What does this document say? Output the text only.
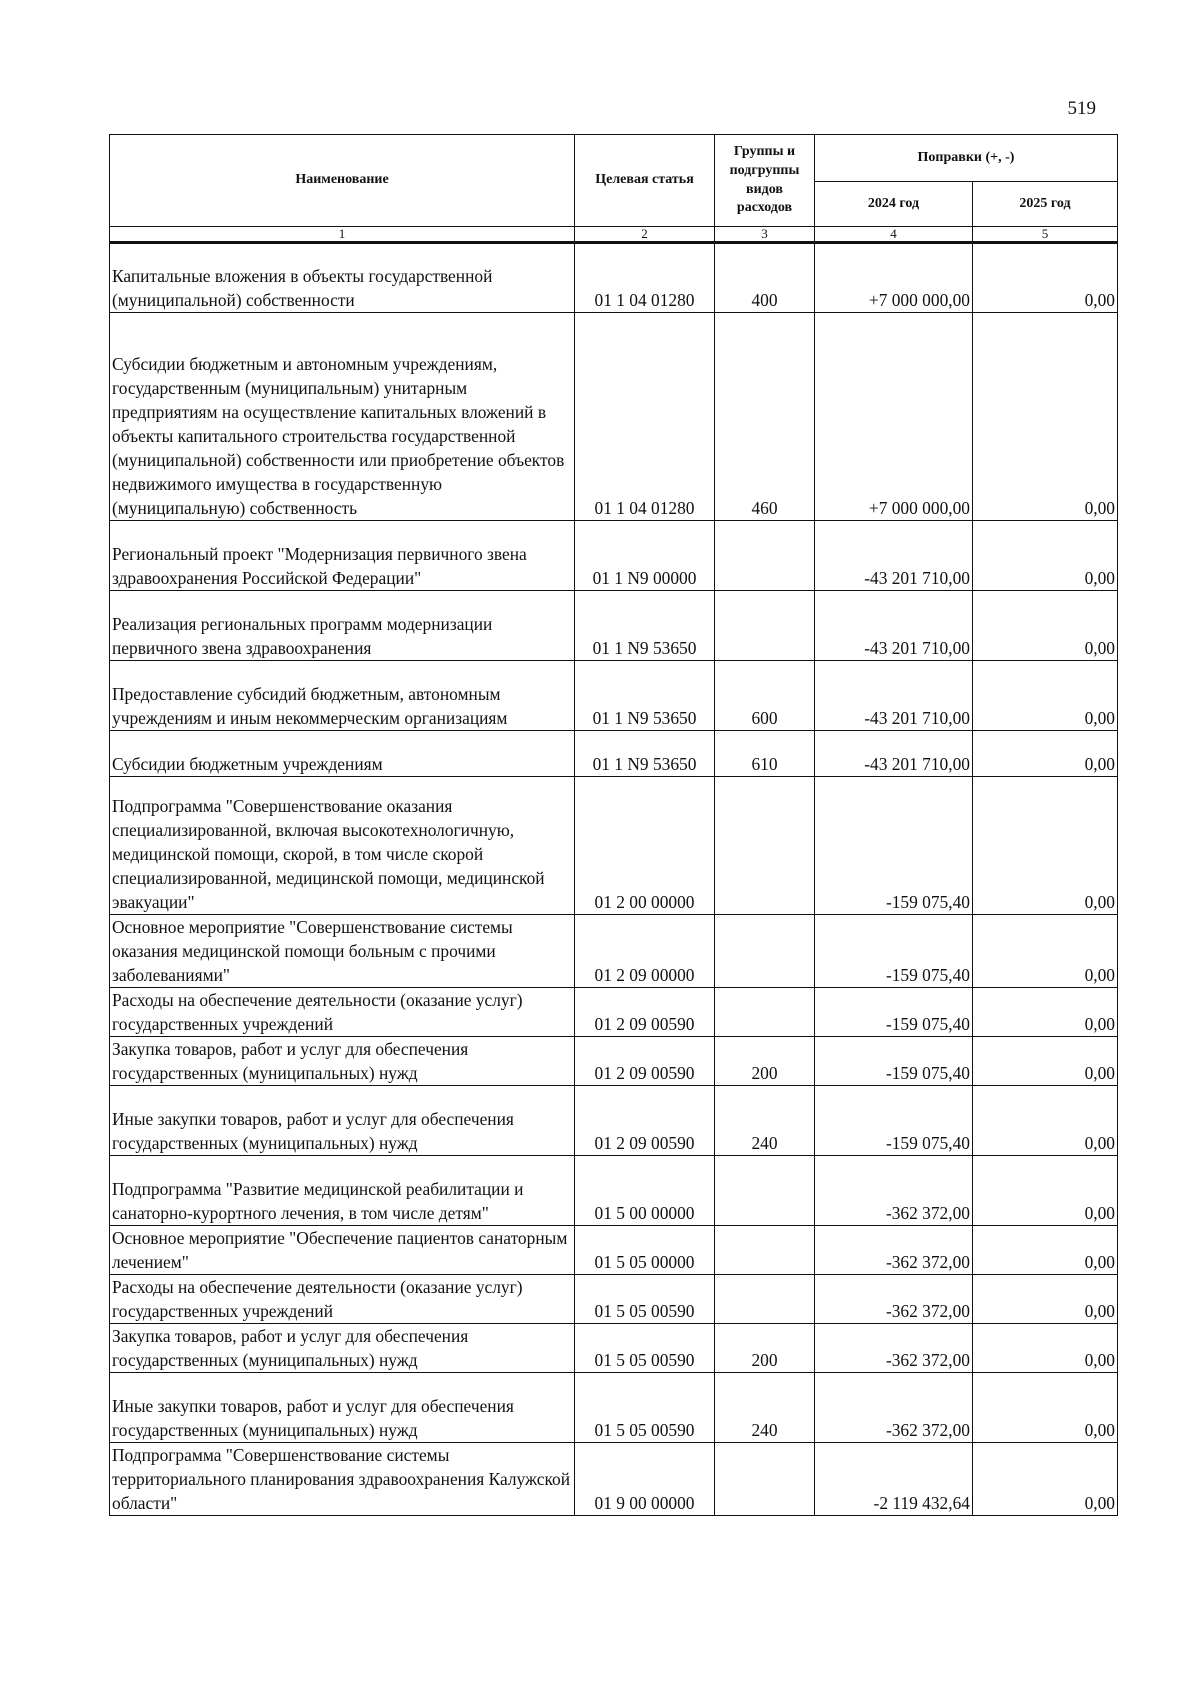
519
Наименование	Целевая статья	Группы и подгруппы видов расходов	Поправки (+, -)	
			2024 год	2025 год
1	2	3	4	5
Капитальные вложения в объекты государственной (муниципальной) собственности	01 1 04 01280	400	+7 000 000,00	0,00
Субсидии бюджетным и автономным учреждениям, государственным (муниципальным) унитарным предприятиям на осуществление капитальных вложений в объекты капитального строительства государственной (муниципальной) собственности или приобретение объектов недвижимого имущества в государственную (муниципальную) собственность	01 1 04 01280	460	+7 000 000,00	0,00
Региональный проект "Модернизация первичного звена здравоохранения Российской Федерации"	01 1 N9 00000		-43 201 710,00	0,00
Реализация региональных программ модернизации первичного звена здравоохранения	01 1 N9 53650		-43 201 710,00	0,00
Предоставление субсидий бюджетным, автономным учреждениям и иным некоммерческим организациям	01 1 N9 53650	600	-43 201 710,00	0,00
Субсидии бюджетным учреждениям	01 1 N9 53650	610	-43 201 710,00	0,00
Подпрограмма "Совершенствование оказания специализированной, включая высокотехнологичную, медицинской помощи, скорой, в том числе скорой специализированной, медицинской помощи, медицинской эвакуации"	01 2 00 00000		-159 075,40	0,00
Основное мероприятие "Совершенствование системы оказания медицинской помощи больным с прочими заболеваниями"	01 2 09 00000		-159 075,40	0,00
Расходы на обеспечение деятельности (оказание услуг) государственных учреждений	01 2 09 00590		-159 075,40	0,00
Закупка товаров, работ и услуг для обеспечения государственных (муниципальных) нужд	01 2 09 00590	200	-159 075,40	0,00
Иные закупки товаров, работ и услуг для обеспечения государственных (муниципальных) нужд	01 2 09 00590	240	-159 075,40	0,00
Подпрограмма "Развитие медицинской реабилитации и санаторно-курортного лечения, в том числе детям"	01 5 00 00000		-362 372,00	0,00
Основное мероприятие "Обеспечение пациентов санаторным лечением"	01 5 05 00000		-362 372,00	0,00
Расходы на обеспечение деятельности (оказание услуг) государственных учреждений	01 5 05 00590		-362 372,00	0,00
Закупка товаров, работ и услуг для обеспечения государственных (муниципальных) нужд	01 5 05 00590	200	-362 372,00	0,00
Иные закупки товаров, работ и услуг для обеспечения государственных (муниципальных) нужд	01 5 05 00590	240	-362 372,00	0,00
Подпрограмма "Совершенствование системы территориального планирования здравоохранения Калужской области"	01 9 00 00000		-2 119 432,64	0,00
